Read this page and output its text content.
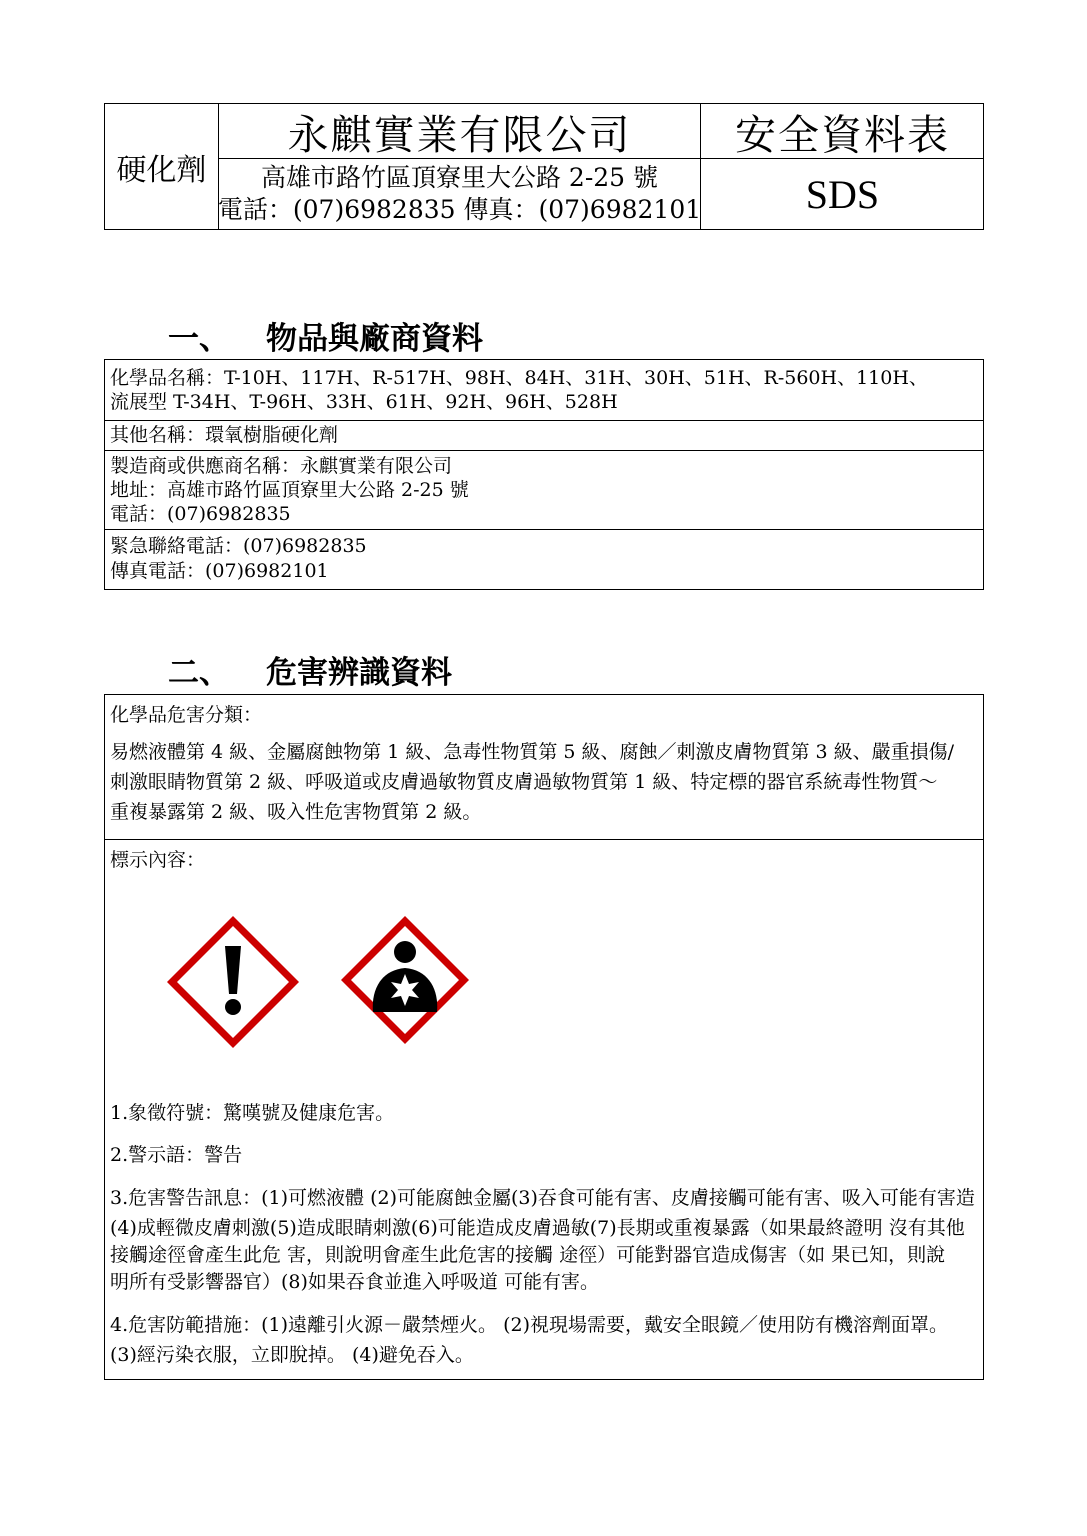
硬化劑
永麒實業有限公司
高雄市路竹區頂寮里大公路 2-25 號
電話：(07)6982835 傳真：(07)6982101
安全資料表
SDS
一、 物品與廠商資料
化學品名稱：T-10H、117H、R-517H、98H、84H、31H、30H、51H、R-560H、110H、
流展型 T-34H、T-96H、33H、61H、92H、96H、528H
其他名稱：環氧樹脂硬化劑
製造商或供應商名稱：永麒實業有限公司
地址：高雄市路竹區頂寮里大公路 2-25 號
電話：(07)6982835
緊急聯絡電話：(07)6982835
傳真電話：(07)6982101
二、 危害辨識資料
化學品危害分類：
易燃液體第 4 級、金屬腐蝕物第 1 級、急毒性物質第 5 級、腐蝕／刺激皮膚物質第 3 級、嚴重損傷/
刺激眼睛物質第 2 級、呼吸道或皮膚過敏物質皮膚過敏物質第 1 級、特定標的器官系統毒性物質～
重複暴露第 2 級、吸入性危害物質第 2 級。
標示內容：
1.象徵符號：驚嘆號及健康危害。
2.警示語：警告
3.危害警告訊息：(1)可燃液體 (2)可能腐蝕金屬(3)吞食可能有害、皮膚接觸可能有害、吸入可能有害造
(4)成輕微皮膚刺激(5)造成眼睛刺激(6)可能造成皮膚過敏(7)長期或重複暴露（如果最終證明 沒有其他
接觸途徑會產生此危 害，則說明會產生此危害的接觸 途徑）可能對器官造成傷害（如 果已知，則說
明所有受影響器官）(8)如果吞食並進入呼吸道 可能有害。
4.危害防範措施：(1)遠離引火源－嚴禁煙火。 (2)視現場需要，戴安全眼鏡／使用防有機溶劑面罩。
(3)經污染衣服，立即脫掉。 (4)避免吞入。
